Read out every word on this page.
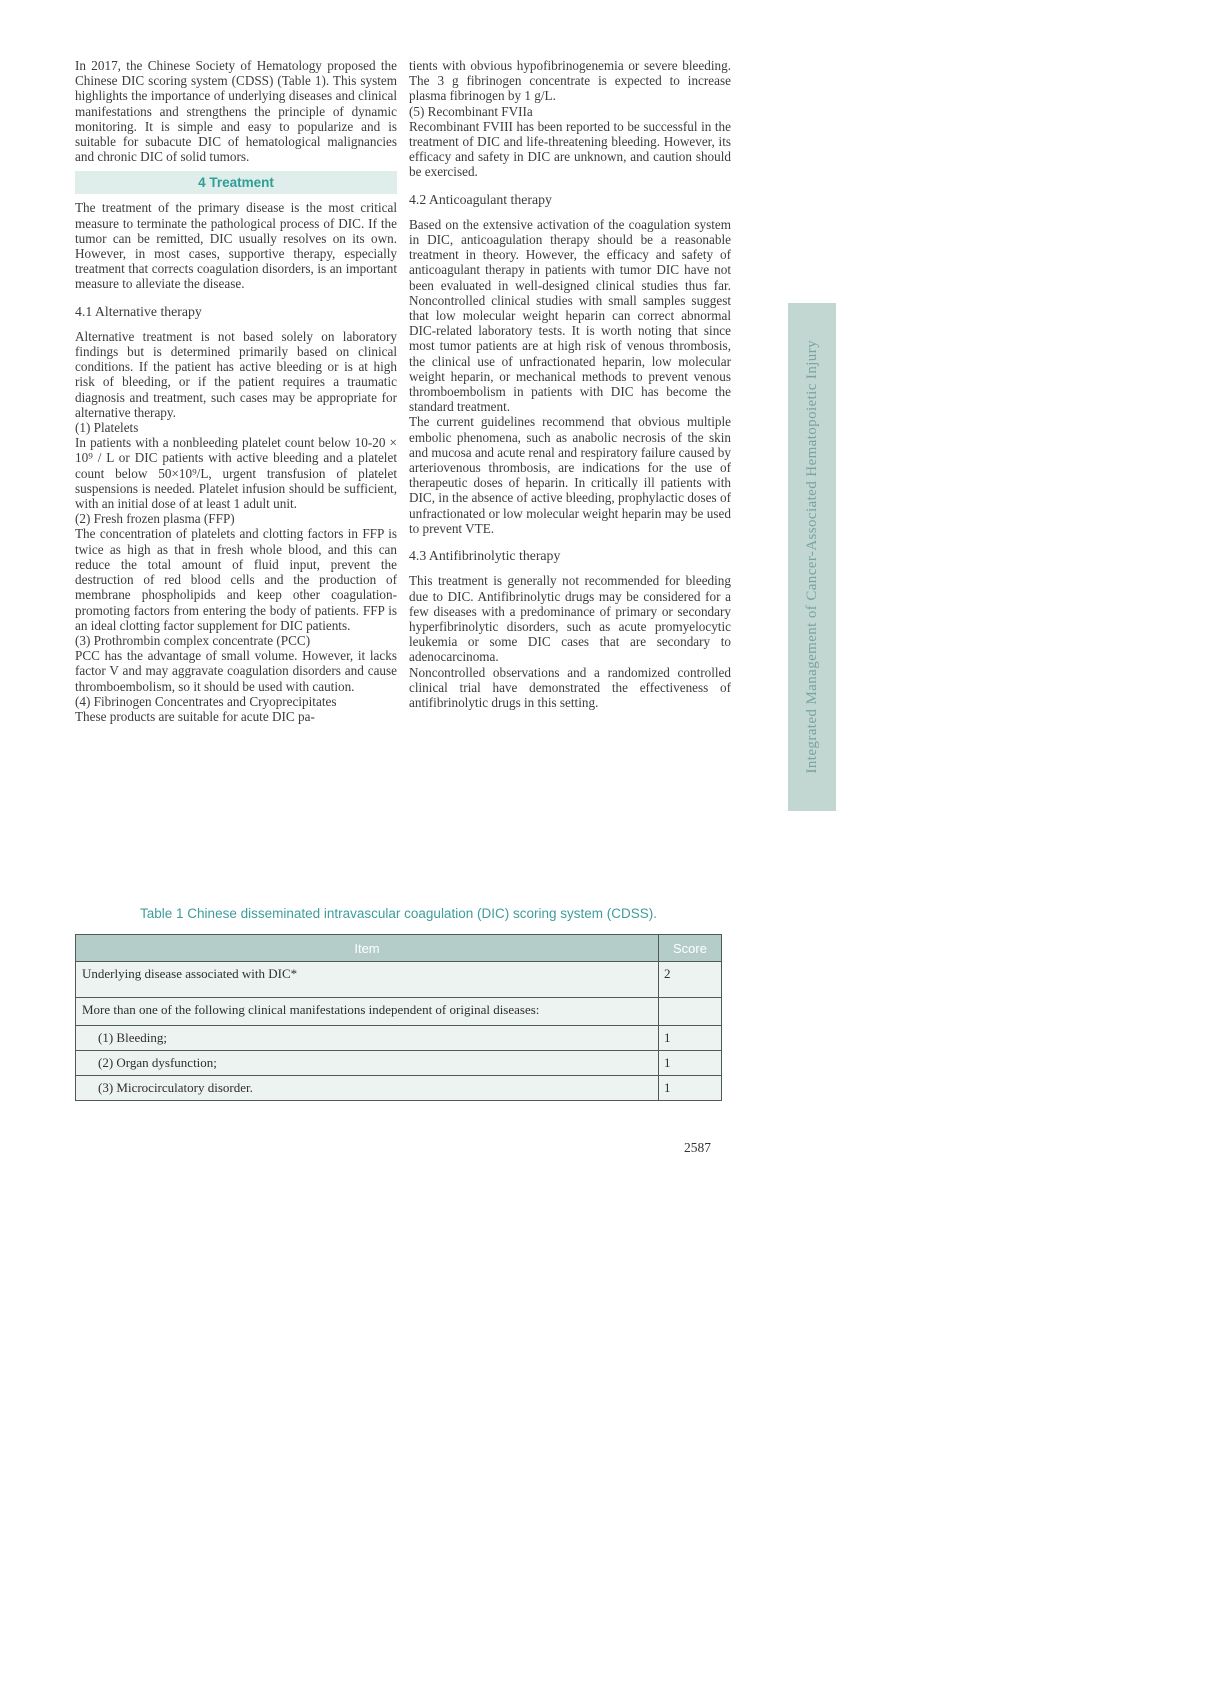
In 2017, the Chinese Society of Hematology proposed the Chinese DIC scoring system (CDSS) (Table 1). This system highlights the importance of underlying diseases and clinical manifestations and strengthens the principle of dynamic monitoring. It is simple and easy to popularize and is suitable for subacute DIC of hematological malignancies and chronic DIC of solid tumors.

4 Treatment

The treatment of the primary disease is the most critical measure to terminate the pathological process of DIC. If the tumor can be remitted, DIC usually resolves on its own. However, in most cases, supportive therapy, especially treatment that corrects coagulation disorders, is an important measure to alleviate the disease.

4.1 Alternative therapy

Alternative treatment is not based solely on laboratory findings but is determined primarily based on clinical conditions. If the patient has active bleeding or is at high risk of bleeding, or if the patient requires a traumatic diagnosis and treatment, such cases may be appropriate for alternative therapy.

(1) Platelets

In patients with a nonbleeding platelet count below 10-20 × 10⁹ / L or DIC patients with active bleeding and a platelet count below 50×10⁹/L, urgent transfusion of platelet suspensions is needed. Platelet infusion should be sufficient, with an initial dose of at least 1 adult unit.

(2) Fresh frozen plasma (FFP)

The concentration of platelets and clotting factors in FFP is twice as high as that in fresh whole blood, and this can reduce the total amount of fluid input, prevent the destruction of red blood cells and the production of membrane phospholipids and keep other coagulation-promoting factors from entering the body of patients. FFP is an ideal clotting factor supplement for DIC patients.

(3) Prothrombin complex concentrate (PCC)

PCC has the advantage of small volume. However, it lacks factor V and may aggravate coagulation disorders and cause thromboembolism, so it should be used with caution.

(4) Fibrinogen Concentrates and Cryoprecipitates

These products are suitable for acute DIC pa-

tients with obvious hypofibrinogenemia or severe bleeding. The 3 g fibrinogen concentrate is expected to increase plasma fibrinogen by 1 g/L.

(5) Recombinant FVIIa

Recombinant FVIII has been reported to be successful in the treatment of DIC and life-threatening bleeding. However, its efficacy and safety in DIC are unknown, and caution should be exercised.

4.2 Anticoagulant therapy

Based on the extensive activation of the coagulation system in DIC, anticoagulation therapy should be a reasonable treatment in theory. However, the efficacy and safety of anticoagulant therapy in patients with tumor DIC have not been evaluated in well-designed clinical studies thus far. Noncontrolled clinical studies with small samples suggest that low molecular weight heparin can correct abnormal DIC-related laboratory tests. It is worth noting that since most tumor patients are at high risk of venous thrombosis, the clinical use of unfractionated heparin, low molecular weight heparin, or mechanical methods to prevent venous thromboembolism in patients with DIC has become the standard treatment.

The current guidelines recommend that obvious multiple embolic phenomena, such as anabolic necrosis of the skin and mucosa and acute renal and respiratory failure caused by arteriovenous thrombosis, are indications for the use of therapeutic doses of heparin. In critically ill patients with DIC, in the absence of active bleeding, prophylactic doses of unfractionated or low molecular weight heparin may be used to prevent VTE.

4.3 Antifibrinolytic therapy

This treatment is generally not recommended for bleeding due to DIC. Antifibrinolytic drugs may be considered for a few diseases with a predominance of primary or secondary hyperfibrinolytic disorders, such as acute promyelocytic leukemia or some DIC cases that are secondary to adenocarcinoma.

Noncontrolled observations and a randomized controlled clinical trial have demonstrated the effectiveness of antifibrinolytic drugs in this setting.	Integrated Management of Cancer-Associated Hematopoietic Injury
Table 1 Chinese disseminated intravascular coagulation (DIC) scoring system (CDSS).
Item	Score
Underlying disease associated with DIC*	2
More than one of the following clinical manifestations independent of original diseases:	
(1) Bleeding;	1
(2) Organ dysfunction;	1
(3) Microcirculatory disorder.	1
2587
